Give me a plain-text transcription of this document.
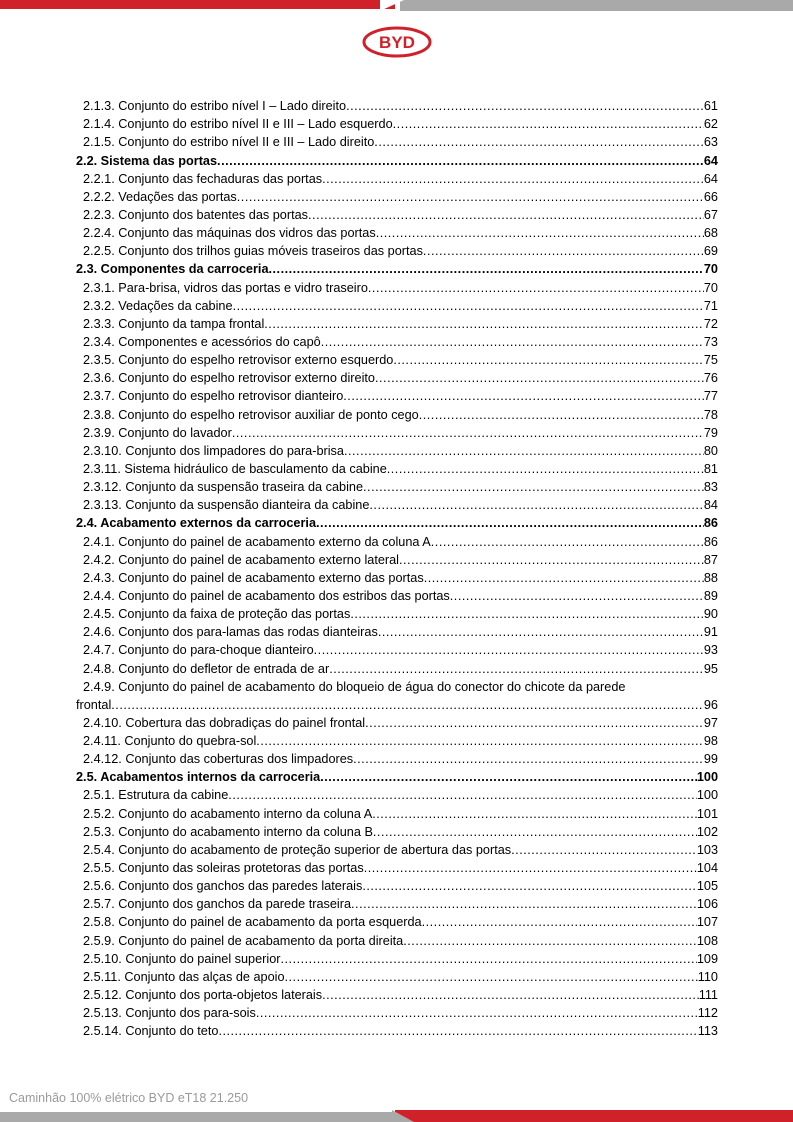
BYD
2.1.3. Conjunto do estribo nível I – Lado direito .....	61
2.1.4. Conjunto do estribo nível II e III – Lado esquerdo .....	62
2.1.5. Conjunto do estribo nível II e III – Lado direito .....	63
2.2. Sistema das portas .....	64
2.2.1. Conjunto das fechaduras das portas .....	64
2.2.2. Vedações das portas .....	66
2.2.3. Conjunto dos batentes das portas .....	67
2.2.4. Conjunto das máquinas dos vidros das portas .....	68
2.2.5. Conjunto dos trilhos guias móveis traseiros das portas .....	69
2.3. Componentes da carroceria .....	70
2.3.1. Para-brisa, vidros das portas e vidro traseiro .....	70
2.3.2. Vedações da cabine .....	71
2.3.3. Conjunto da tampa frontal .....	72
2.3.4. Componentes e acessórios do capô .....	73
2.3.5. Conjunto do espelho retrovisor externo esquerdo .....	75
2.3.6. Conjunto do espelho retrovisor externo direito .....	76
2.3.7. Conjunto do espelho retrovisor dianteiro .....	77
2.3.8. Conjunto do espelho retrovisor auxiliar de ponto cego .....	78
2.3.9. Conjunto do lavador .....	79
2.3.10. Conjunto dos limpadores do para-brisa .....	80
2.3.11. Sistema hidráulico de basculamento da cabine .....	81
2.3.12. Conjunto da suspensão traseira da cabine .....	83
2.3.13. Conjunto da suspensão dianteira da cabine .....	84
2.4. Acabamento externos da carroceria .....	86
2.4.1. Conjunto do painel de acabamento externo da coluna A .....	86
2.4.2. Conjunto do painel de acabamento externo lateral .....	87
2.4.3. Conjunto do painel de acabamento externo das portas .....	88
2.4.4. Conjunto do painel de acabamento dos estribos das portas .....	89
2.4.5. Conjunto da faixa de proteção das portas .....	90
2.4.6. Conjunto dos para-lamas das rodas dianteiras .....	91
2.4.7. Conjunto do para-choque dianteiro .....	93
2.4.8. Conjunto do defletor de entrada de ar .....	95
2.4.9. Conjunto do painel de acabamento do bloqueio de água do conector do chicote da parede
frontal .....	96
2.4.10. Cobertura das dobradiças do painel frontal .....	97
2.4.11. Conjunto do quebra-sol .....	98
2.4.12. Conjunto das coberturas dos limpadores .....	99
2.5. Acabamentos internos da carroceria .....	100
2.5.1. Estrutura da cabine .....	100
2.5.2. Conjunto do acabamento interno da coluna A .....	101
2.5.3. Conjunto do acabamento interno da coluna B .....	102
2.5.4. Conjunto do acabamento de proteção superior de abertura das portas .....	103
2.5.5. Conjunto das soleiras protetoras das portas .....	104
2.5.6. Conjunto dos ganchos das paredes laterais .....	105
2.5.7. Conjunto dos ganchos da parede traseira .....	106
2.5.8. Conjunto do painel de acabamento da porta esquerda .....	107
2.5.9. Conjunto do painel de acabamento da porta direita .....	108
2.5.10. Conjunto do painel superior .....	109
2.5.11. Conjunto das alças de apoio .....	110
2.5.12. Conjunto dos porta-objetos laterais .....	111
2.5.13. Conjunto dos para-sois .....	112
2.5.14. Conjunto do teto .....	113
Caminhão 100% elétrico BYD eT18 21.250
